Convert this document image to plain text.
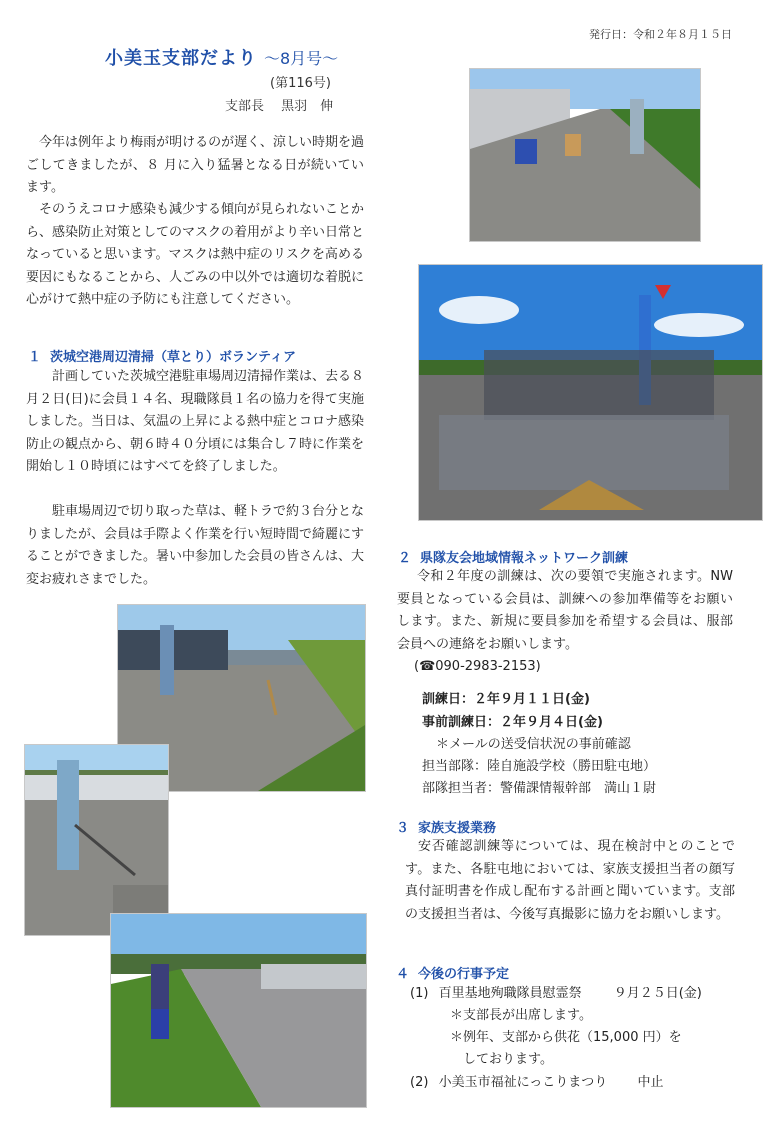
発行日：令和２年８月１５日
小美玉支部だより ～8月号～
(第116号)
支部長　 黒羽　伸
今年は例年より梅雨が明けるのが遅く、涼しい時期を過ごしてきましたが、８ 月に入り猛暑となる日が続いています。
そのうえコロナ感染も減少する傾向が見られないことから、感染防止対策としてのマスクの着用がより辛い日常となっていると思います。マスクは熱中症のリスクを高める要因にもなることから、人ごみの中以外では適切な着脱に心がけて熱中症の予防にも注意してください。
１ 茨城空港周辺清掃（草とり）ボランティア
計画していた茨城空港駐車場周辺清掃作業は、去る８月２日(日)に会員１４名、現職隊員１名の協力を得て実施しました。当日は、気温の上昇による熱中症とコロナ感染防止の観点から、朝６時４０分頃には集合し７時に作業を開始し１０時頃にはすべてを終了しました。
駐車場周辺で切り取った草は、軽トラで約３台分となりましたが、会員は手際よく作業を行い短時間で綺麗にすることができました。暑い中参加した会員の皆さんは、大変お疲れさまでした。
２ 県隊友会地域情報ネットワーク訓練
令和２年度の訓練は、次の要領で実施されます。NW 要員となっている会員は、訓練への参加準備等をお願いします。また、新規に要員参加を希望する会員は、服部会員への連絡をお願いします。
(☎090-2983-2153)
訓練日：２年９月１１日(金)
事前訓練日：２年９月４日(金)
＊メールの送受信状況の事前確認
担当部隊：陸自施設学校（勝田駐屯地）
部隊担当者：警備課情報幹部　満山１尉
３ 家族支援業務
安否確認訓練等については、現在検討中とのことです。また、各駐屯地においては、家族支援担当者の顔写真付証明書を作成し配布する計画と聞いています。支部の支援担当者は、今後写真撮影に協力をお願いします。
４ 今後の行事予定
(1) 百里基地殉職隊員慰霊祭 ９月２５日(金)
＊支部長が出席します。
＊例年、支部から供花（15,000 円）を
しております。
(2) 小美玉市福祉にっこりまつり 中止
